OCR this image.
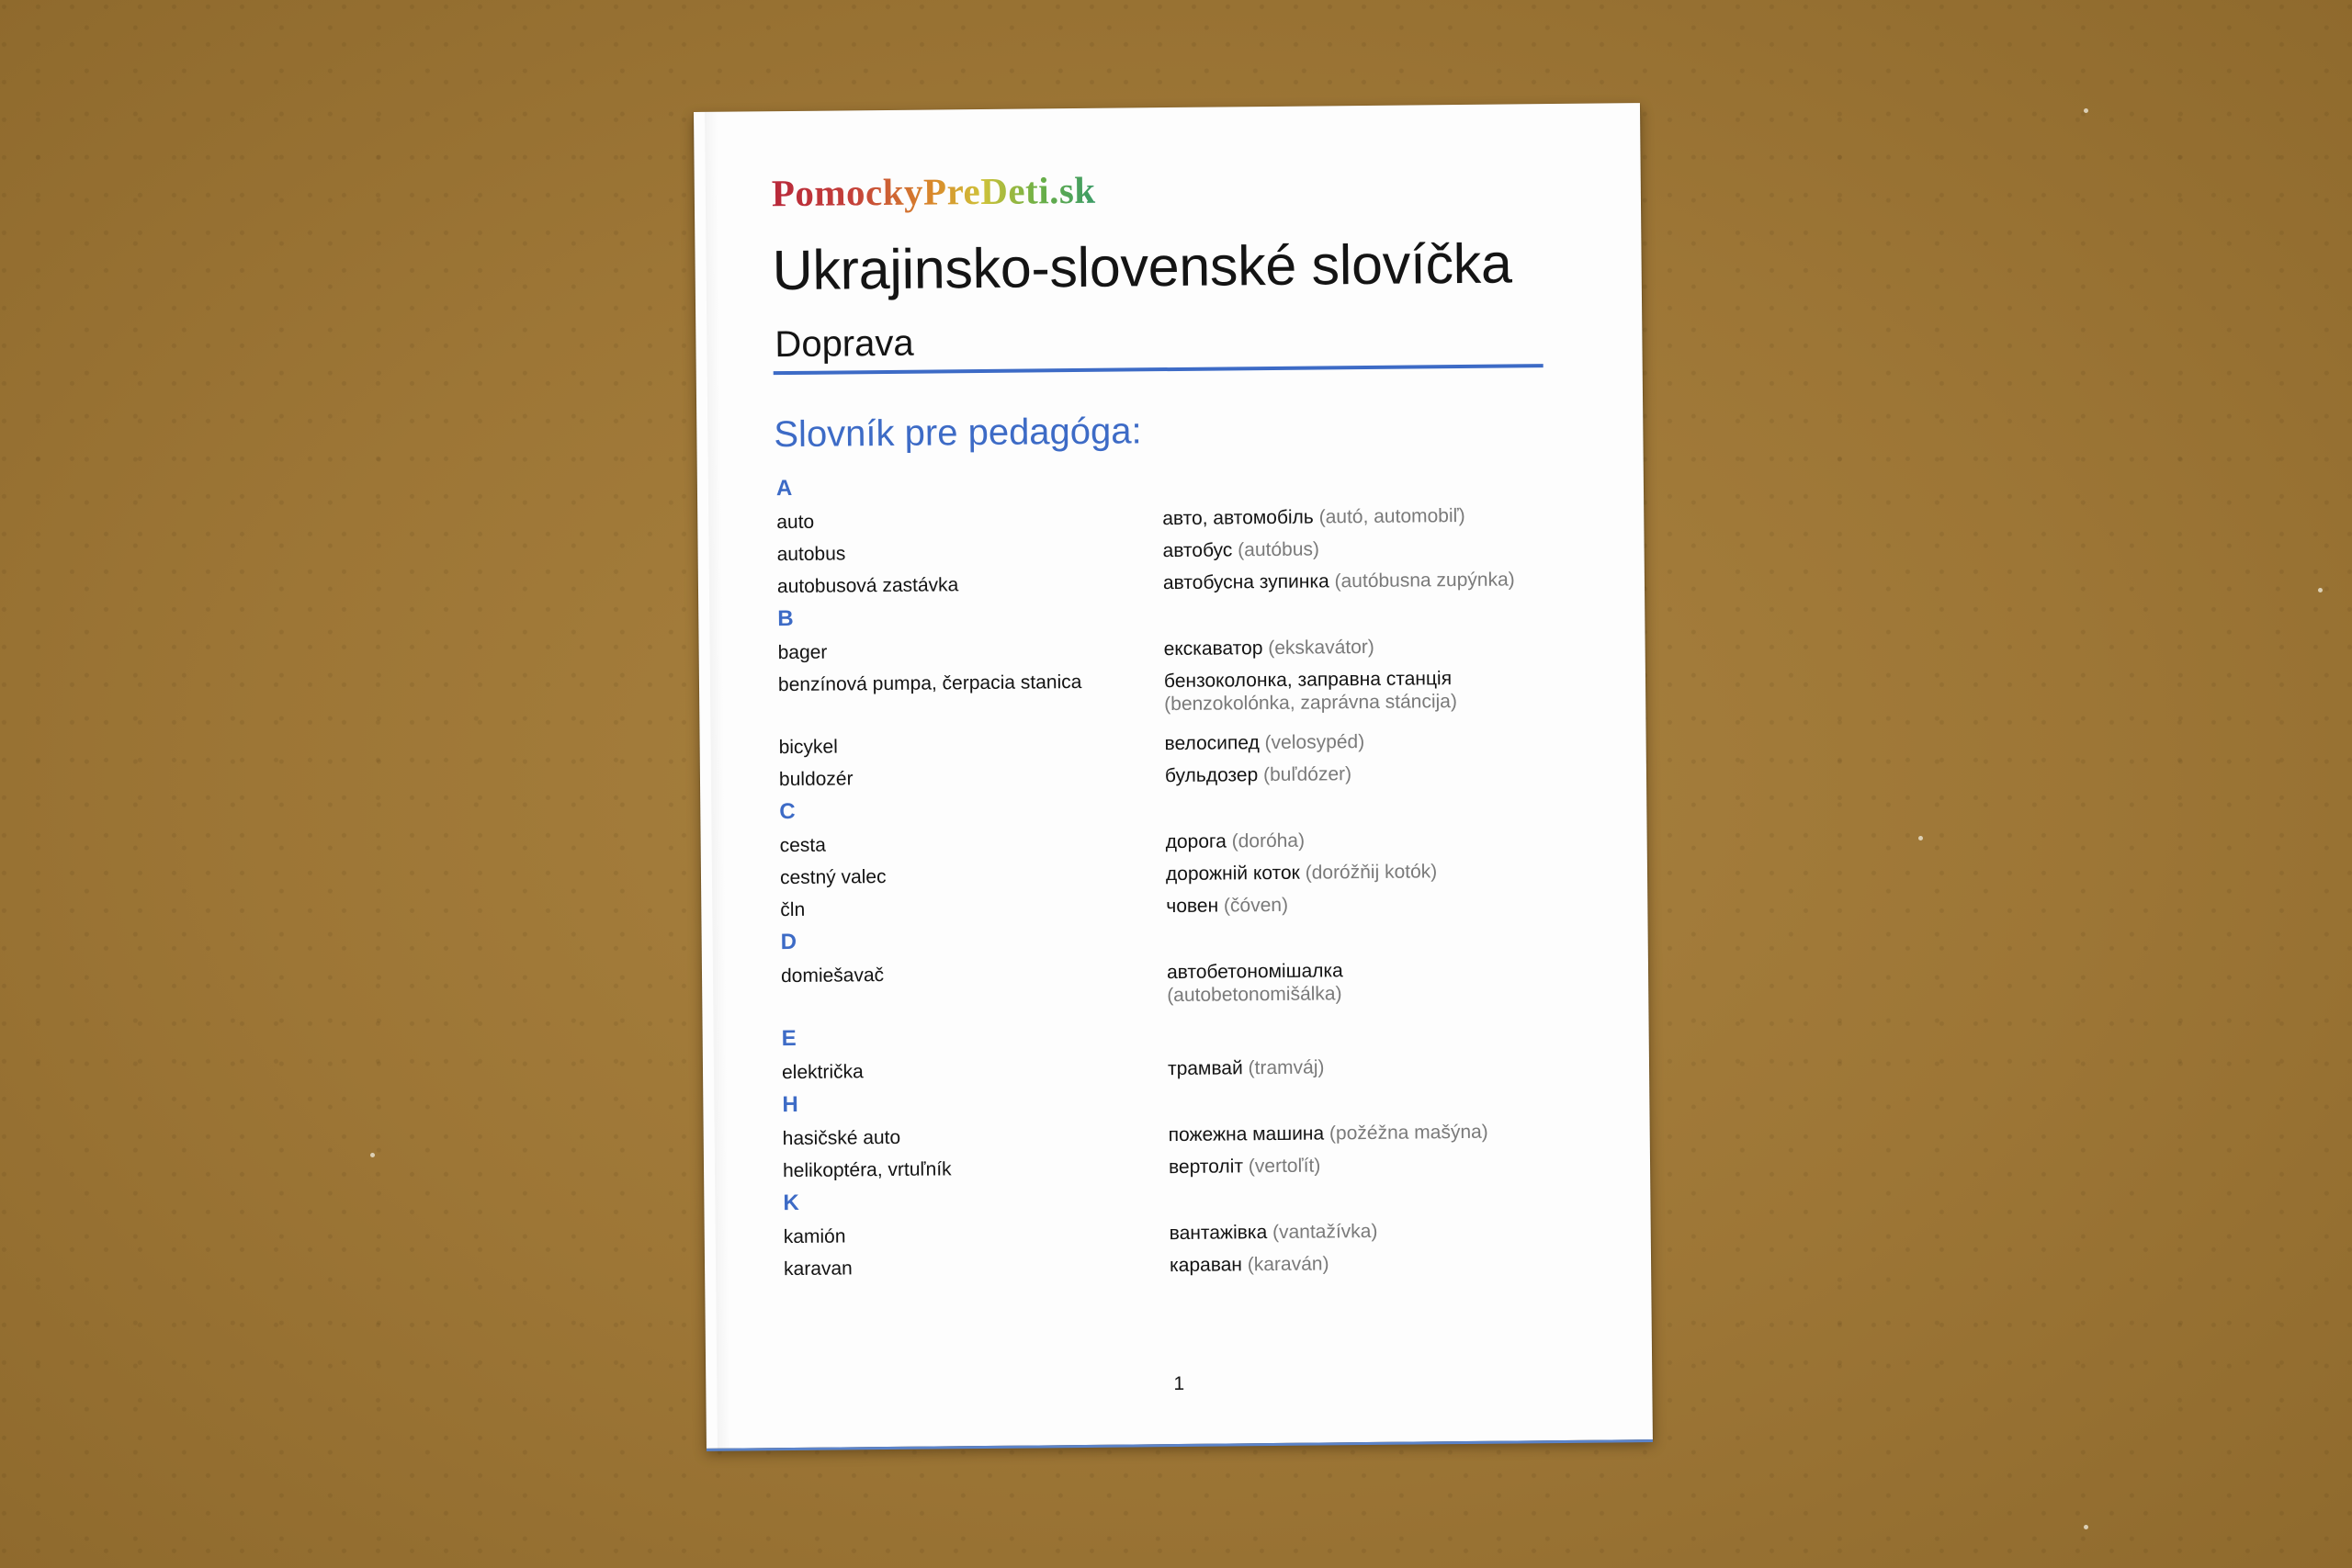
PomockyPreDeti.sk
Ukrajinsko-slovenské slovíčka
Doprava
Slovník pre pedagóga:
A
auto	авто, автомобіль (autó, automobiľ)
autobus	автобус (autóbus)
autobusová zastávka	автобусна зупинка (autóbusna zupýnka)
B
bager	екскаватор (ekskavátor)
benzínová pumpa, čerpacia stanica	бензоколонка, заправна станція
(benzokolónka, zaprávna stáncija)
bicykel	велосипед (velosypéd)
buldozér	бульдозер (buľdózer)
C
cesta	дорога (doróha)
cestný valec	дорожній коток (doróžňij kotók)
čln	човен (čóven)
D
domiešavač	автобетономішалка
(autobetonomišálka)
E
električka	трамвай (tramváj)
H
hasičské auto	пожежна машина (požéžna mašýna)
helikoptéra, vrtuľník	вертоліт (vertoľít)
K
kamión	вантажівка (vantažívka)
karavan	караван (karaván)
1
